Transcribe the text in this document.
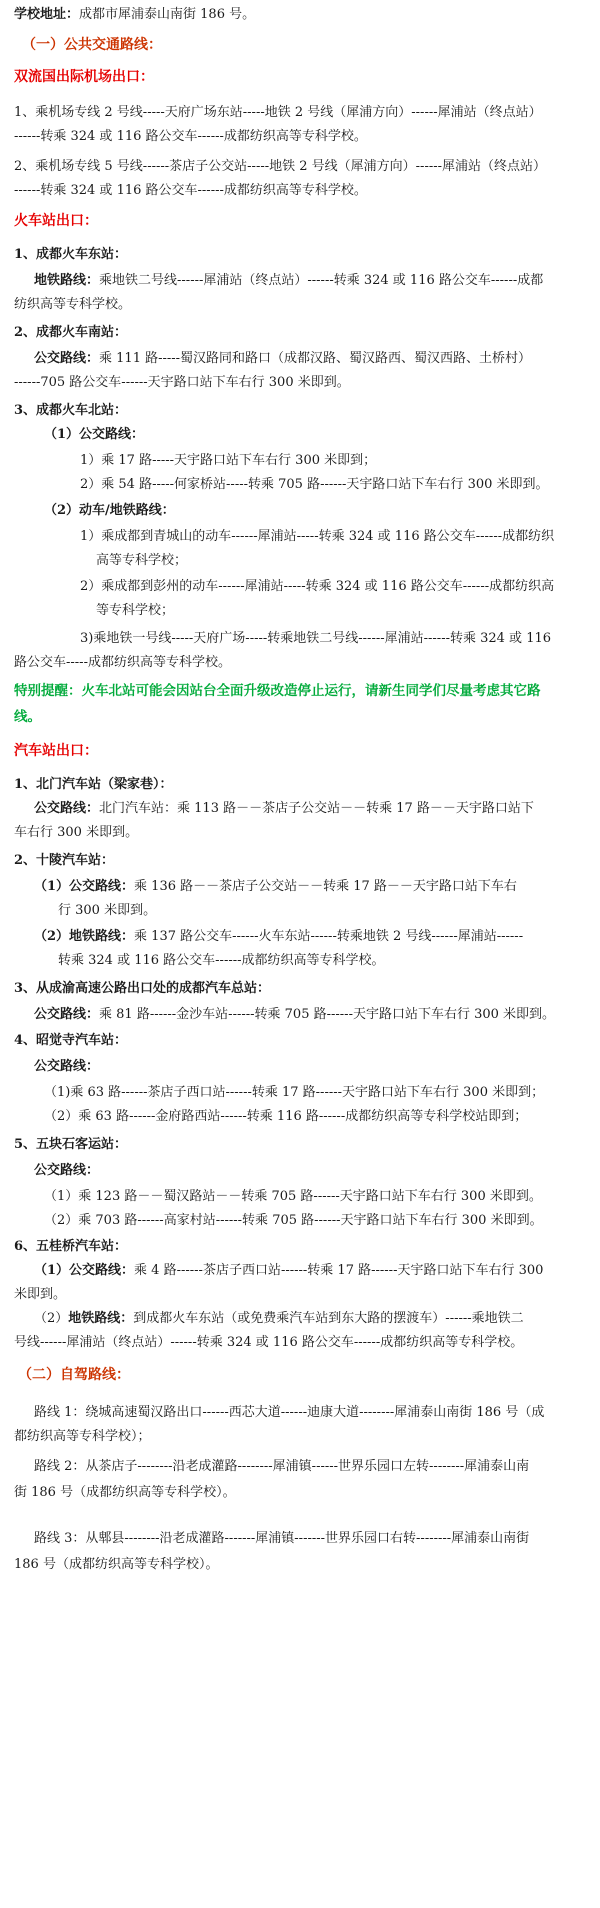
学校地址：成都市犀浦泰山南街 186 号。
（一）公共交通路线：
双流国出际机场出口：
1、乘机场专线 2 号线-----天府广场东站-----地铁 2 号线（犀浦方向）------犀浦站（终点站）
------转乘 324 或 116 路公交车------成都纺织高等专科学校。
2、乘机场专线 5 号线------茶店子公交站-----地铁 2 号线（犀浦方向）------犀浦站（终点站）
------转乘 324 或 116 路公交车------成都纺织高等专科学校。
火车站出口：
1、成都火车东站：
地铁路线：乘地铁二号线------犀浦站（终点站）------转乘 324 或 116 路公交车------成都
纺织高等专科学校。
2、成都火车南站：
公交路线：乘 111 路-----蜀汉路同和路口（成都汉路、蜀汉路西、蜀汉西路、土桥村）
------705 路公交车------天宇路口站下车右行 300 米即到。
3、成都火车北站：
（1）公交路线：
1）乘 17 路-----天宇路口站下车右行 300 米即到；
2）乘 54 路-----何家桥站-----转乘 705 路------天宇路口站下车右行 300 米即到。
（2）动车/地铁路线：
1）乘成都到青城山的动车------犀浦站-----转乘 324 或 116 路公交车------成都纺织
高等专科学校；
2）乘成都到彭州的动车------犀浦站-----转乘 324 或 116 路公交车------成都纺织高
等专科学校；
3)乘地铁一号线-----天府广场-----转乘地铁二号线------犀浦站------转乘 324 或 116
路公交车-----成都纺织高等专科学校。
特别提醒：火车北站可能会因站台全面升级改造停止运行，请新生同学们尽量考虑其它路
线。
汽车站出口：
1、北门汽车站（梁家巷）：
公交路线：北门汽车站：乘 113 路－－茶店子公交站－－转乘 17 路－－天宇路口站下
车右行 300 米即到。
2、十陵汽车站：
（1）公交路线：乘 136 路－－茶店子公交站－－转乘 17 路－－天宇路口站下车右
行 300 米即到。
（2）地铁路线：乘 137 路公交车------火车东站------转乘地铁 2 号线------犀浦站------
转乘 324 或 116 路公交车------成都纺织高等专科学校。
3、从成渝高速公路出口处的成都汽车总站：
公交路线：乘 81 路------金沙车站------转乘 705 路------天宇路口站下车右行 300 米即到。
4、昭觉寺汽车站：
公交路线：
（1)乘 63 路------茶店子西口站------转乘 17 路------天宇路口站下车右行 300 米即到；
（2）乘 63 路------金府路西站------转乘 116 路------成都纺织高等专科学校站即到；
5、五块石客运站：
公交路线：
（1）乘 123 路－－蜀汉路站－－转乘 705 路------天宇路口站下车右行 300 米即到。
（2）乘 703 路------高家村站------转乘 705 路------天宇路口站下车右行 300 米即到。
6、五桂桥汽车站：
（1）公交路线：乘 4 路------茶店子西口站------转乘 17 路------天宇路口站下车右行 300
米即到。
（2）地铁路线：到成都火车东站（或免费乘汽车站到东大路的摆渡车）------乘地铁二
号线------犀浦站（终点站）------转乘 324 或 116 路公交车------成都纺织高等专科学校。
（二）自驾路线：
路线 1：绕城高速蜀汉路出口------西芯大道------迪康大道--------犀浦泰山南街 186 号（成
都纺织高等专科学校）；
路线 2：从茶店子--------沿老成灌路--------犀浦镇------世界乐园口左转--------犀浦泰山南
街 186 号（成都纺织高等专科学校）。
路线 3：从郫县--------沿老成灌路-------犀浦镇-------世界乐园口右转--------犀浦泰山南街
186 号（成都纺织高等专科学校）。
